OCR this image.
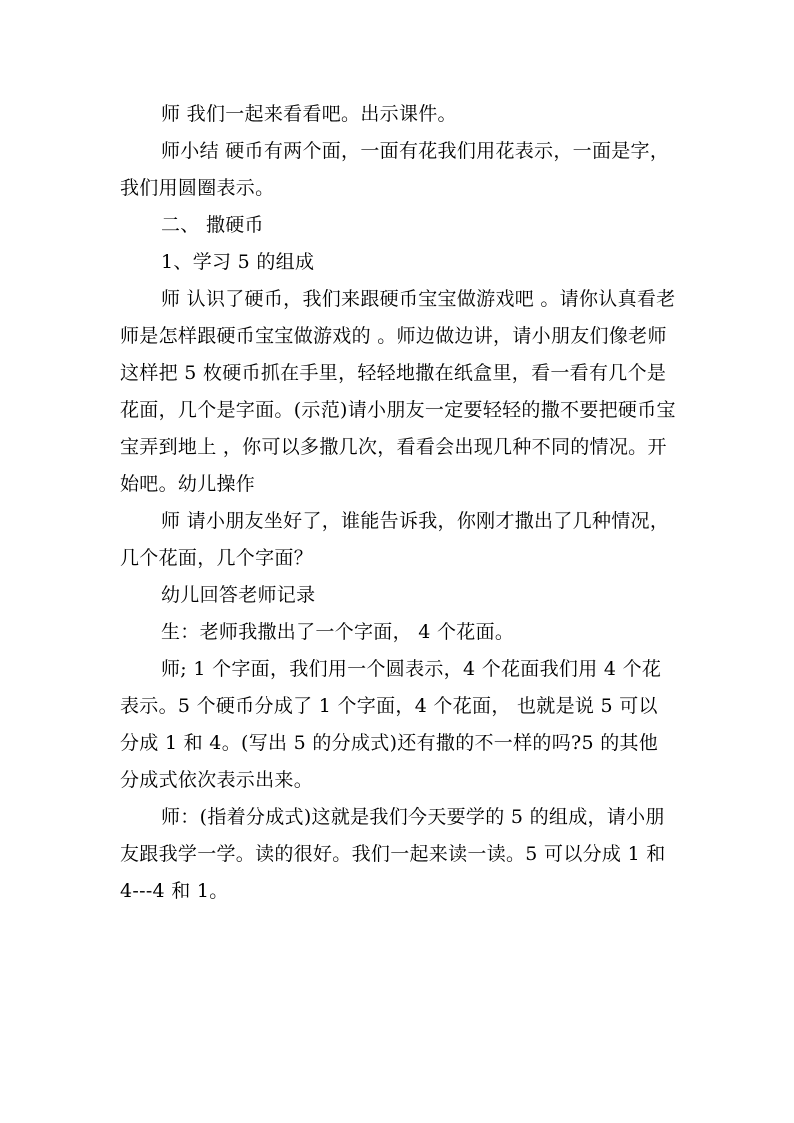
师 我们一起来看看吧。出示课件。

师小结 硬币有两个面，一面有花我们用花表示，一面是字，我们用圆圈表示。

二、 撒硬币

1、学习 5 的组成

师 认识了硬币，我们来跟硬币宝宝做游戏吧 。请你认真看老师是怎样跟硬币宝宝做游戏的 。师边做边讲，请小朋友们像老师这样把 5 枚硬币抓在手里，轻轻地撒在纸盒里，看一看有几个是花面，几个是字面。(示范)请小朋友一定要轻轻的撒不要把硬币宝宝弄到地上 ，你可以多撒几次，看看会出现几种不同的情况。开始吧。幼儿操作

师 请小朋友坐好了，谁能告诉我，你刚才撒出了几种情况，几个花面，几个字面？

幼儿回答老师记录

生：老师我撒出了一个字面， 4 个花面。

师; 1 个字面，我们用一个圆表示，4 个花面我们用 4 个花表示。5 个硬币分成了 1 个字面，4 个花面， 也就是说 5 可以分成 1 和 4。(写出 5 的分成式)还有撒的不一样的吗?5 的其他分成式依次表示出来。

师：(指着分成式)这就是我们今天要学的 5 的组成，请小朋友跟我学一学。读的很好。我们一起来读一读。5 可以分成 1 和 4---4 和 1。
